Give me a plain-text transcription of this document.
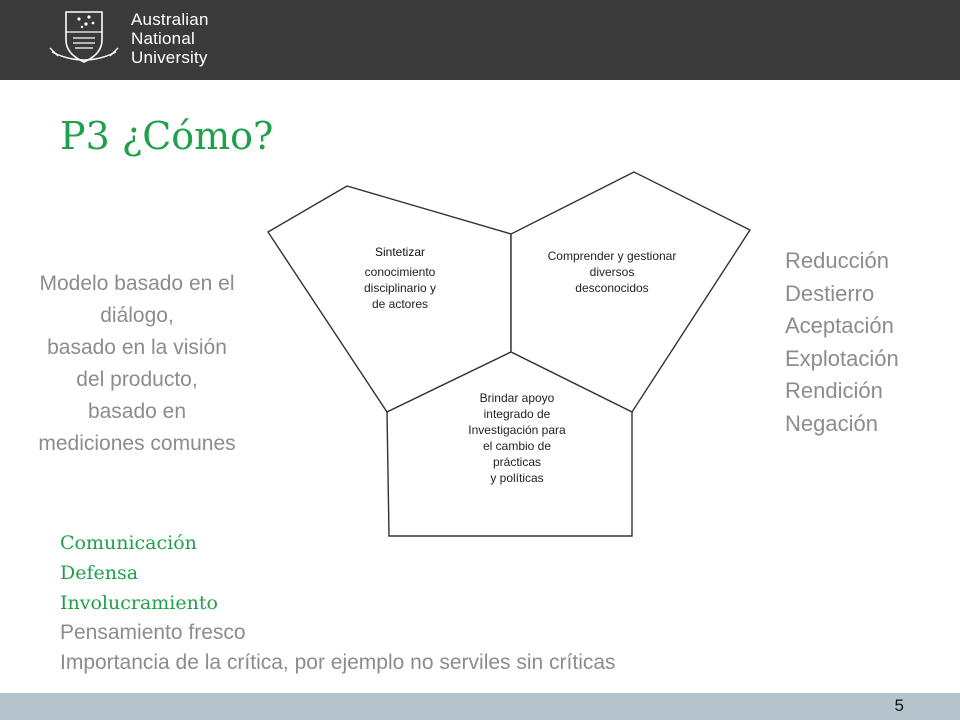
Australian
National
University
P3 ¿Cómo?
Modelo basado en el
diálogo,
basado en la visión
del producto,
basado en
mediciones comunes
Reducción
Destierro
Aceptación
Explotación
Rendición
Negación
Sintetizar
conocimiento
disciplinario y
de actores
Comprender y gestionar
diversos
desconocidos
Brindar apoyo
integrado de
Investigación para
el cambio de
prácticas
y políticas
Comunicación
Defensa
Involucramiento
Pensamiento fresco
Importancia de la crítica, por ejemplo no serviles sin críticas
5
